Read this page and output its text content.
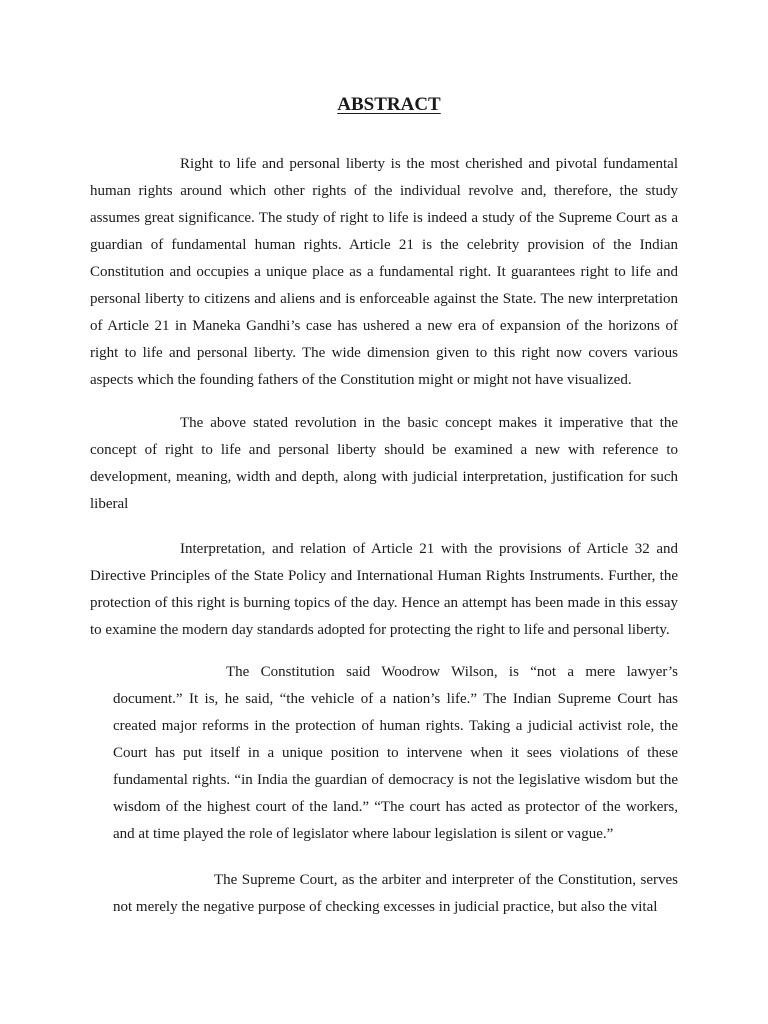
ABSTRACT

Right to life and personal liberty is the most cherished and pivotal fundamental human rights around which other rights of the individual revolve and, therefore, the study assumes great significance. The study of right to life is indeed a study of the Supreme Court as a guardian of fundamental human rights. Article 21 is the celebrity provision of the Indian Constitution and occupies a unique place as a fundamental right. It guarantees right to life and personal liberty to citizens and aliens and is enforceable against the State. The new interpretation of Article 21 in Maneka Gandhi’s case has ushered a new era of expansion of the horizons of right to life and personal liberty. The wide dimension given to this right now covers various aspects which the founding fathers of the Constitution might or might not have visualized.

The above stated revolution in the basic concept makes it imperative that the concept of right to life and personal liberty should be examined a new with reference to development, meaning, width and depth, along with judicial interpretation, justification for such liberal

Interpretation, and relation of Article 21 with the provisions of Article 32 and Directive Principles of the State Policy and International Human Rights Instruments. Further, the protection of this right is burning topics of the day. Hence an attempt has been made in this essay to examine the modern day standards adopted for protecting the right to life and personal liberty.

The Constitution said Woodrow Wilson, is “not a mere lawyer’s document.” It is, he said, “the vehicle of a nation’s life.” The Indian Supreme Court has created major reforms in the protection of human rights. Taking a judicial activist role, the Court has put itself in a unique position to intervene when it sees violations of these fundamental rights. “in India the guardian of democracy is not the legislative wisdom but the wisdom of the highest court of the land.” “The court has acted as protector of the workers, and at time played the role of legislator where labour legislation is silent or vague.”

The Supreme Court, as the arbiter and interpreter of the Constitution, serves not merely the negative purpose of checking excesses in judicial practice, but also the vital
